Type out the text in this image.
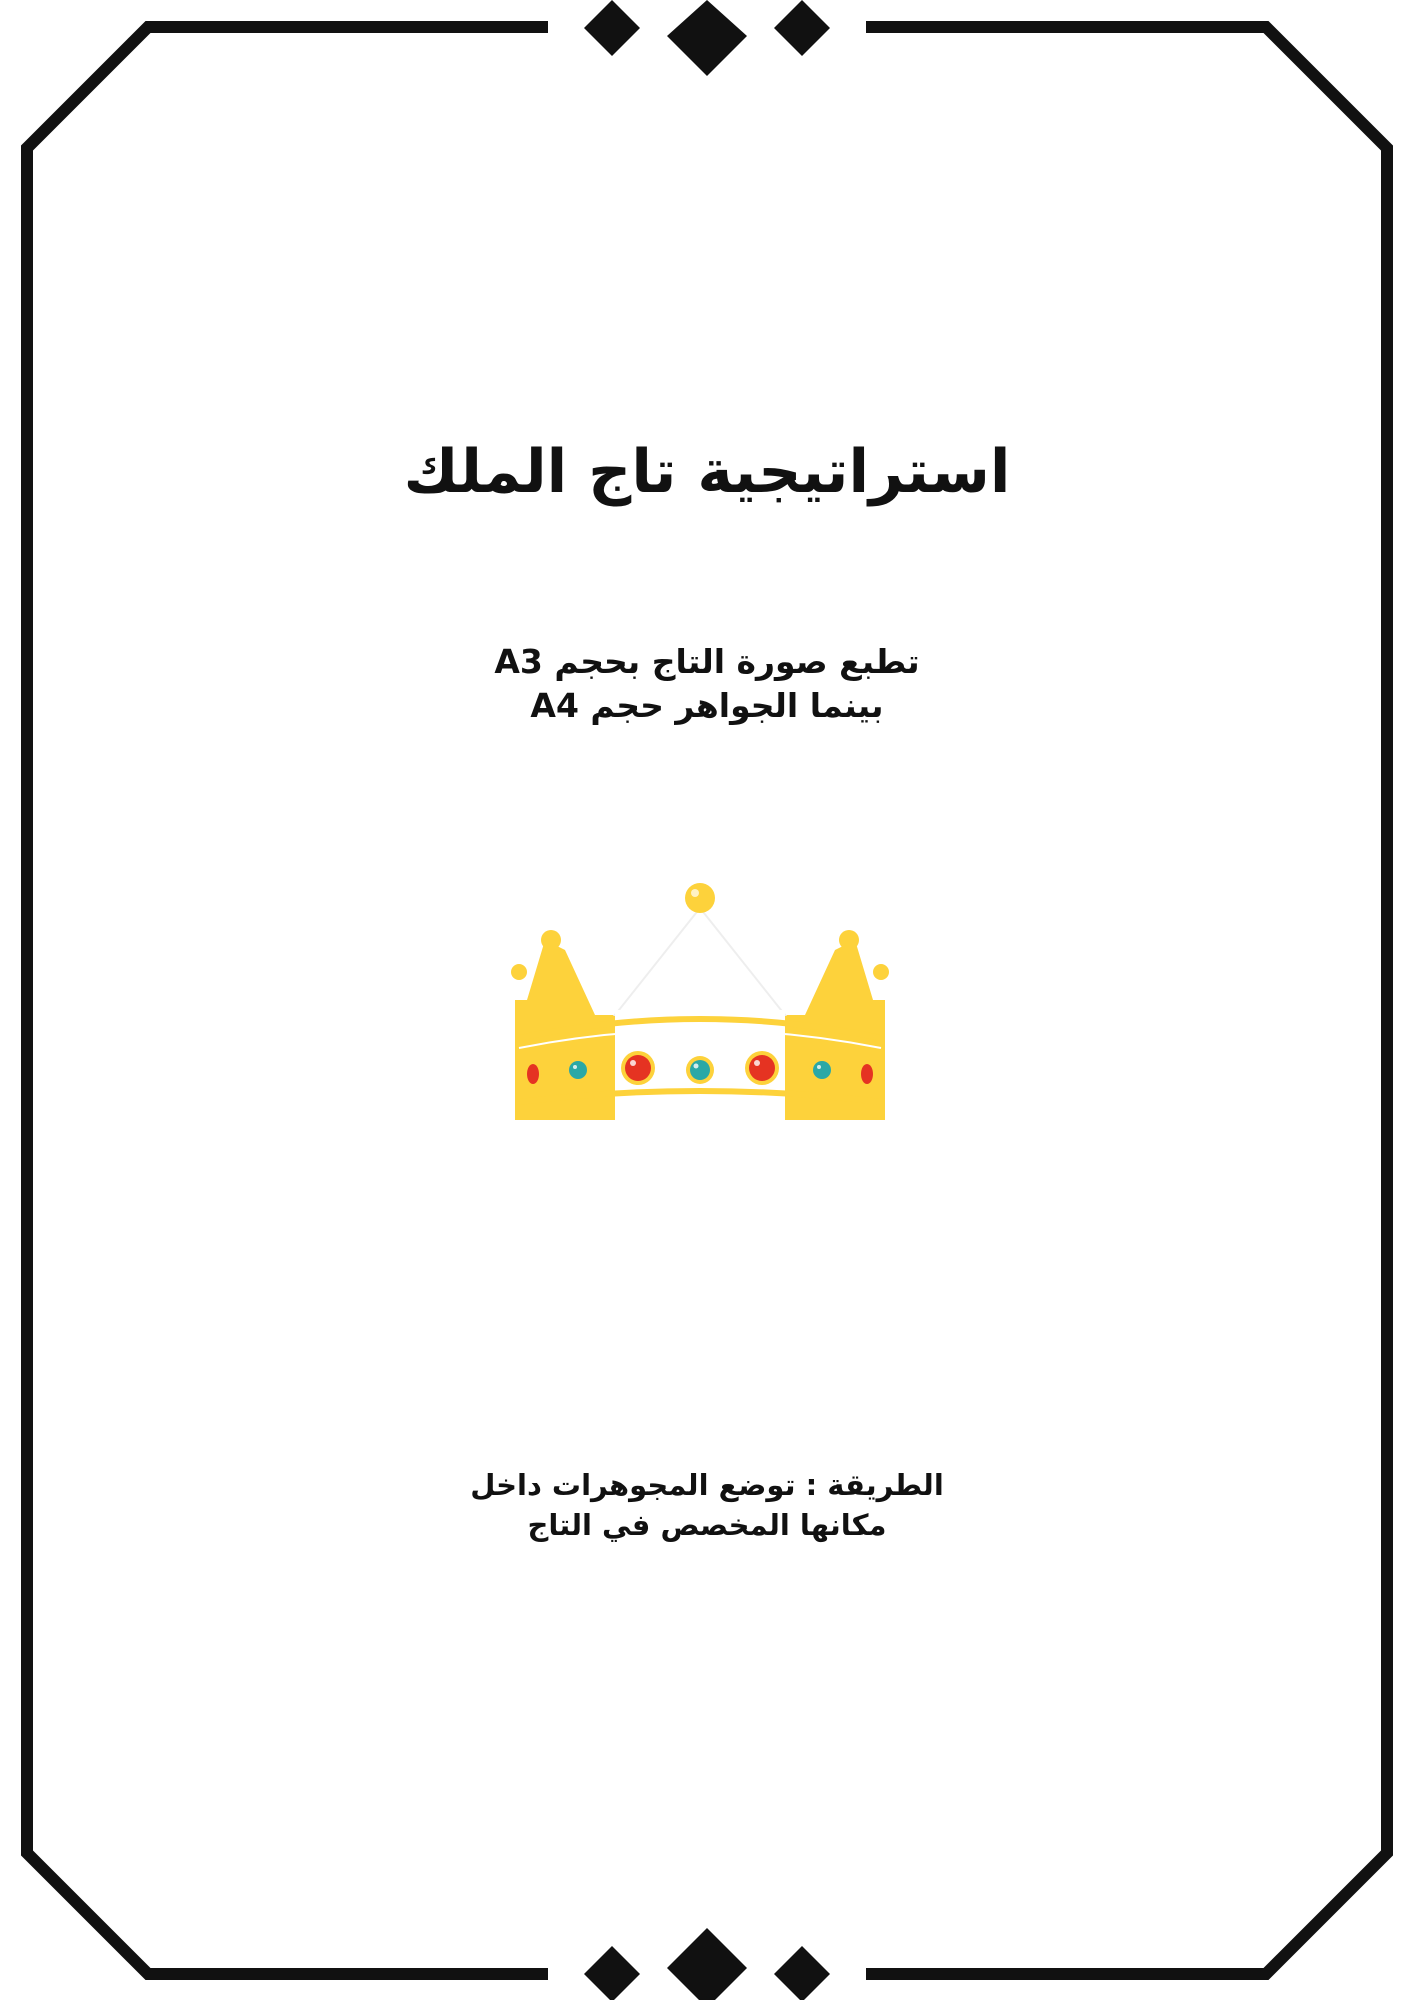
استراتيجية تاج الملك
تطبع صورة التاج بحجم A3
بينما الجواهر حجم A4
الطريقة : توضع المجوهرات داخل
مكانها المخصص في التاج
